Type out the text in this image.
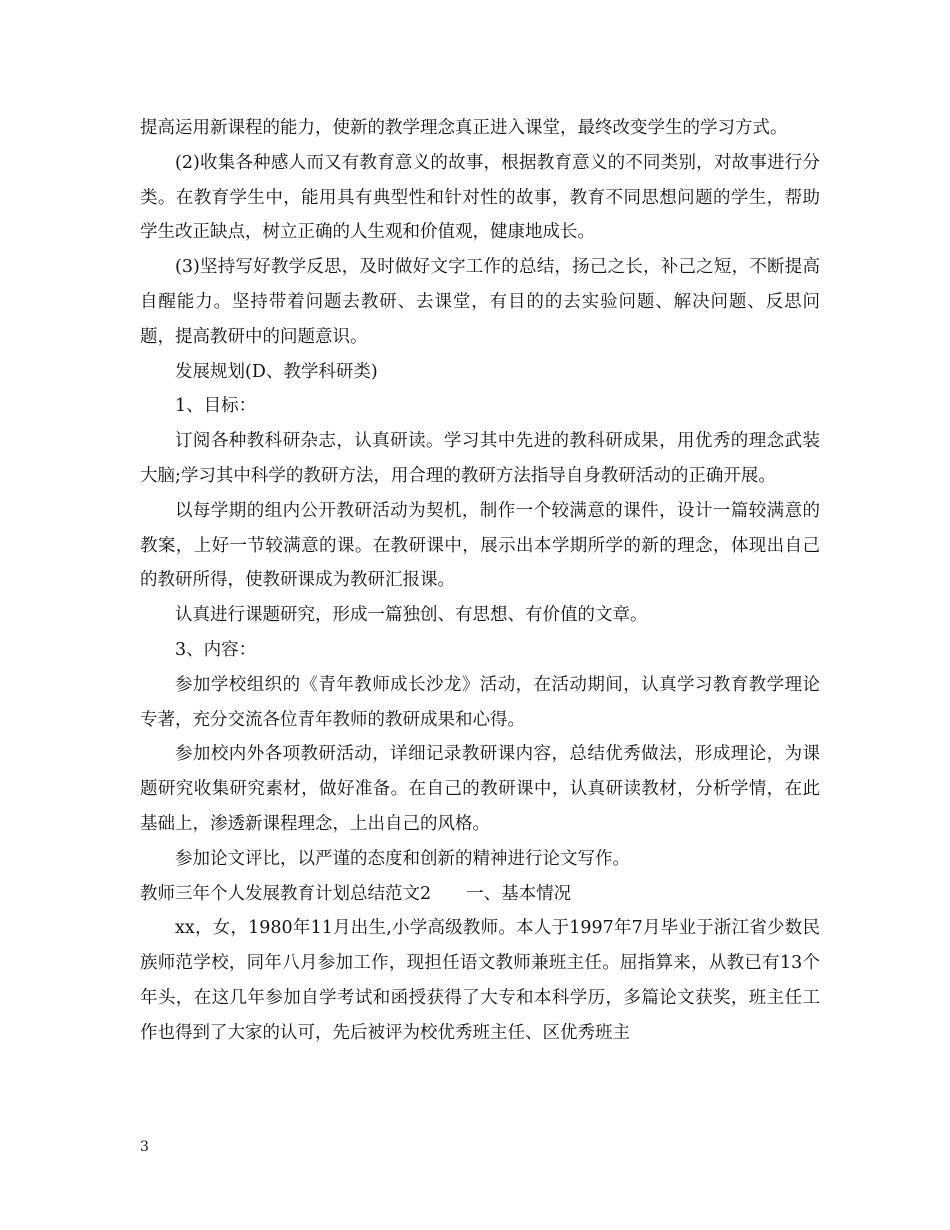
提高运用新课程的能力，使新的教学理念真正进入课堂，最终改变学生的学习方式。

(2)收集各种感人而又有教育意义的故事，根据教育意义的不同类别，对故事进行分类。在教育学生中，能用具有典型性和针对性的故事，教育不同思想问题的学生，帮助学生改正缺点，树立正确的人生观和价值观，健康地成长。

(3)坚持写好教学反思，及时做好文字工作的总结，扬己之长，补己之短，不断提高自醒能力。坚持带着问题去教研、去课堂，有目的的去实验问题、解决问题、反思问题，提高教研中的问题意识。

发展规划(D、教学科研类)

1、目标：

订阅各种教科研杂志，认真研读。学习其中先进的教科研成果，用优秀的理念武装大脑;学习其中科学的教研方法，用合理的教研方法指导自身教研活动的正确开展。

以每学期的组内公开教研活动为契机，制作一个较满意的课件，设计一篇较满意的教案，上好一节较满意的课。在教研课中，展示出本学期所学的新的理念，体现出自己的教研所得，使教研课成为教研汇报课。

认真进行课题研究，形成一篇独创、有思想、有价值的文章。

3、内容：

参加学校组织的《青年教师成长沙龙》活动，在活动期间，认真学习教育教学理论专著，充分交流各位青年教师的教研成果和心得。

参加校内外各项教研活动，详细记录教研课内容，总结优秀做法，形成理论，为课题研究收集研究素材，做好准备。在自己的教研课中，认真研读教材，分析学情，在此基础上，渗透新课程理念，上出自己的风格。

参加论文评比，以严谨的态度和创新的精神进行论文写作。

教师三年个人发展教育计划总结范文2　　一、基本情况

xx，女，1980年11月出生,小学高级教师。本人于1997年7月毕业于浙江省少数民族师范学校，同年八月参加工作，现担任语文教师兼班主任。屈指算来，从教已有13个年头，在这几年参加自学考试和函授获得了大专和本科学历，多篇论文获奖，班主任工作也得到了大家的认可，先后被评为校优秀班主任、区优秀班主

3
